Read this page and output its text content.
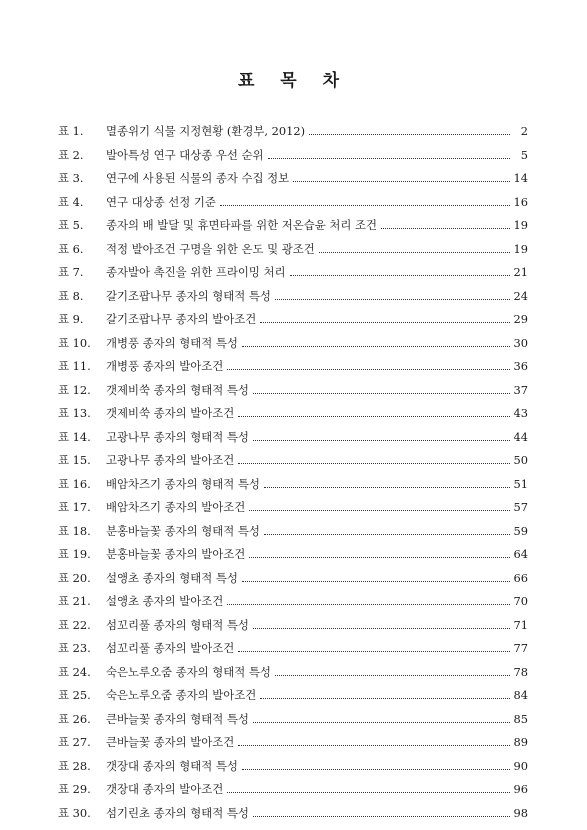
표 목 차
표 1. 멸종위기 식물 지정현황 (환경부, 2012)	2
표 2. 발아특성 연구 대상종 우선 순위	5
표 3. 연구에 사용된 식물의 종자 수집 정보	14
표 4. 연구 대상종 선정 기준	16
표 5. 종자의 배 발달 및 휴면타파를 위한 저온습윤 처리 조건	19
표 6. 적정 발아조건 구명을 위한 온도 및 광조건	19
표 7. 종자발아 촉진을 위한 프라이밍 처리	21
표 8. 갈기조팝나무 종자의 형태적 특성	24
표 9. 갈기조팝나무 종자의 발아조건	29
표 10. 개병풍 종자의 형태적 특성	30
표 11. 개병풍 종자의 발아조건	36
표 12. 갯제비쑥 종자의 형태적 특성	37
표 13. 갯제비쑥 종자의 발아조건	43
표 14. 고광나무 종자의 형태적 특성	44
표 15. 고광나무 종자의 발아조건	50
표 16. 배암차즈기 종자의 형태적 특성	51
표 17. 배암차즈기 종자의 발아조건	57
표 18. 분홍바늘꽃 종자의 형태적 특성	59
표 19. 분홍바늘꽃 종자의 발아조건	64
표 20. 설앵초 종자의 형태적 특성	66
표 21. 설앵초 종자의 발아조건	70
표 22. 섬꼬리풀 종자의 형태적 특성	71
표 23. 섬꼬리풀 종자의 발아조건	77
표 24. 숙은노루오줌 종자의 형태적 특성	78
표 25. 숙은노루오줌 종자의 발아조건	84
표 26. 큰바늘꽃 종자의 형태적 특성	85
표 27. 큰바늘꽃 종자의 발아조건	89
표 28. 갯장대 종자의 형태적 특성	90
표 29. 갯장대 종자의 발아조건	96
표 30. 섬기린초 종자의 형태적 특성	98
